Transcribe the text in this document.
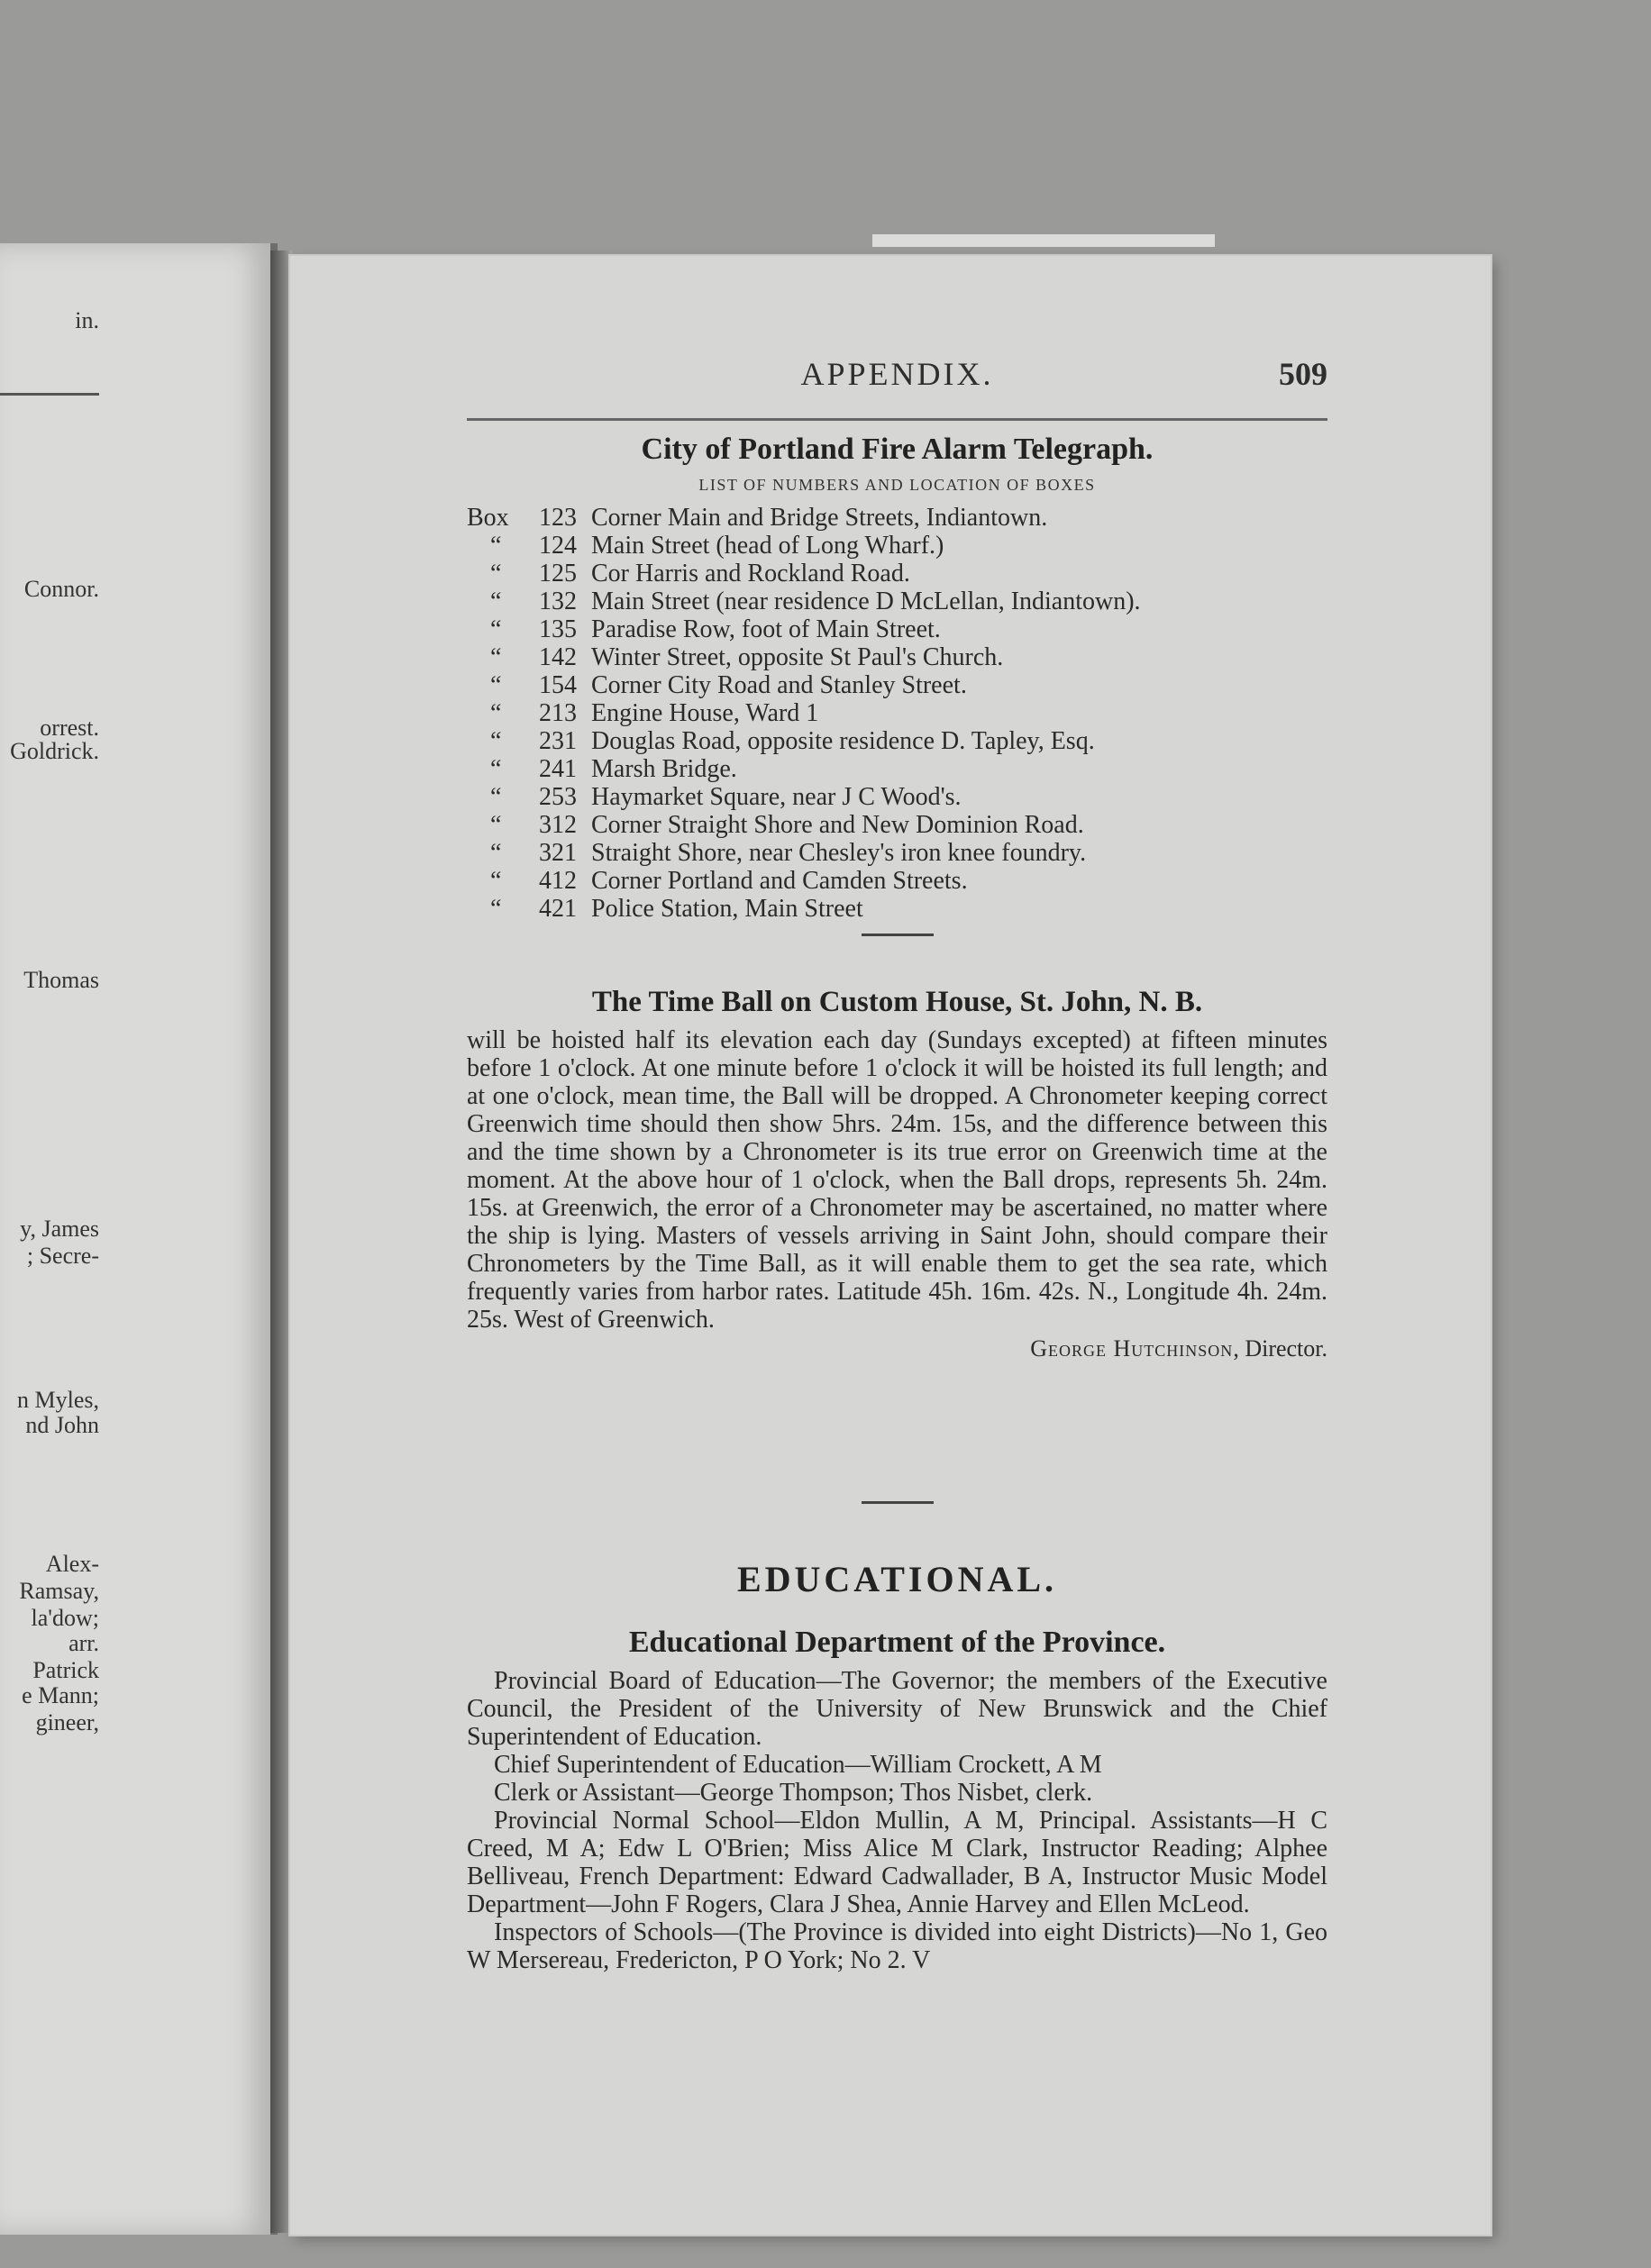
in.
Connor.
orrest.
Goldrick.
Thomas
y, James
; Secre-
n Myles,
nd John
Alex-
Ramsay,
la'dow;
arr.
Patrick
e Mann;
gineer,
APPENDIX.	509
City of Portland Fire Alarm Telegraph.
LIST OF NUMBERS AND LOCATION OF BOXES
Box 123 Corner Main and Bridge Streets, Indiantown.
“ 124 Main Street (head of Long Wharf.)
“ 125 Cor Harris and Rockland Road.
“ 132 Main Street (near residence D McLellan, Indiantown).
“ 135 Paradise Row, foot of Main Street.
“ 142 Winter Street, opposite St Paul's Church.
“ 154 Corner City Road and Stanley Street.
“ 213 Engine House, Ward 1
“ 231 Douglas Road, opposite residence D. Tapley, Esq.
“ 241 Marsh Bridge.
“ 253 Haymarket Square, near J C Wood's.
“ 312 Corner Straight Shore and New Dominion Road.
“ 321 Straight Shore, near Chesley's iron knee foundry.
“ 412 Corner Portland and Camden Streets.
“ 421 Police Station, Main Street
The Time Ball on Custom House, St. John, N. B.

will be hoisted half its elevation each day (Sundays excepted) at fifteen minutes before 1 o'clock. At one minute before 1 o'clock it will be hoisted its full length; and at one o'clock, mean time, the Ball will be dropped. A Chronometer keeping correct Greenwich time should then show 5hrs. 24m. 15s, and the difference between this and the time shown by a Chronometer is its true error on Greenwich time at the moment. At the above hour of 1 o'clock, when the Ball drops, represents 5h. 24m. 15s. at Greenwich, the error of a Chronometer may be ascertained, no matter where the ship is lying. Masters of vessels arriving in Saint John, should compare their Chronometers by the Time Ball, as it will enable them to get the sea rate, which frequently varies from harbor rates. Latitude 45h. 16m. 42s. N., Longitude 4h. 24m. 25s. West of Greenwich.

George Hutchinson, Director.
EDUCATIONAL.
Educational Department of the Province.

Provincial Board of Education—The Governor; the members of the Executive Council, the President of the University of New Brunswick and the Chief Superintendent of Education.

Chief Superintendent of Education—William Crockett, A M

Clerk or Assistant—George Thompson; Thos Nisbet, clerk.

Provincial Normal School—Eldon Mullin, A M, Principal. Assistants—H C Creed, M A; Edw L O'Brien; Miss Alice M Clark, Instructor Reading; Alphee Belliveau, French Department: Edward Cadwallader, B A, Instructor Music Model Department—John F Rogers, Clara J Shea, Annie Harvey and Ellen McLeod.

Inspectors of Schools—(The Province is divided into eight Districts)—No 1, Geo W Mersereau, Fredericton, P O York; No 2. V
